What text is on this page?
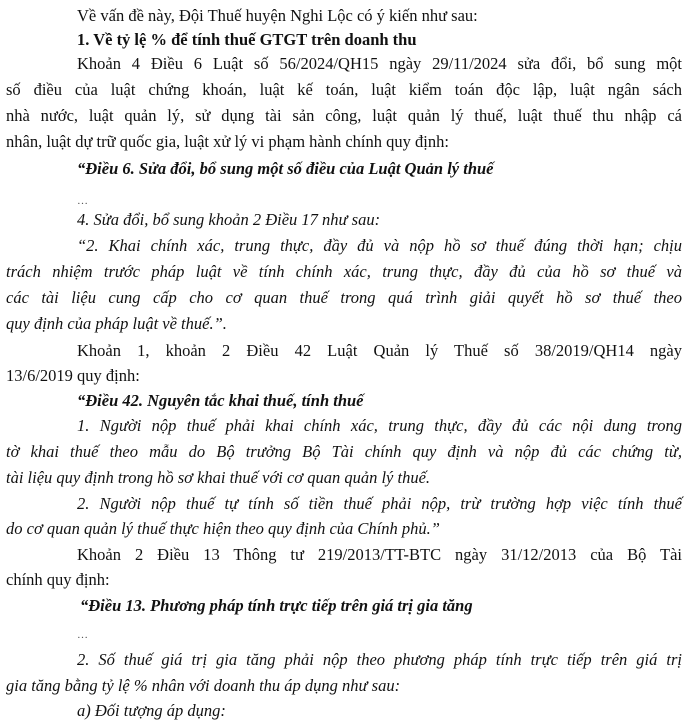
Về vấn đề này, Đội Thuế huyện Nghi Lộc có ý kiến như sau:

1. Về tỷ lệ % để tính thuế GTGT trên doanh thu

Khoản 4 Điều 6 Luật số 56/2024/QH15 ngày 29/11/2024 sửa đổi, bổ sung một

số điều của luật chứng khoán, luật kế toán, luật kiểm toán độc lập, luật ngân sách

nhà nước, luật quản lý, sử dụng tài sản công, luật quản lý thuế, luật thuế thu nhập cá

nhân, luật dự trữ quốc gia, luật xử lý vi phạm hành chính quy định:

“Điều 6. Sửa đổi, bổ sung một số điều của Luật Quản lý thuế

…

4. Sửa đổi, bổ sung khoản 2 Điều 17 như sau:

“2. Khai chính xác, trung thực, đầy đủ và nộp hồ sơ thuế đúng thời hạn; chịu

trách nhiệm trước pháp luật về tính chính xác, trung thực, đầy đủ của hồ sơ thuế và

các tài liệu cung cấp cho cơ quan thuế trong quá trình giải quyết hồ sơ thuế theo

quy định của pháp luật về thuế.”.

Khoản 1, khoản 2 Điều 42 Luật Quản lý Thuế số 38/2019/QH14 ngày

13/6/2019 quy định:

“Điều 42. Nguyên tắc khai thuế, tính thuế

1. Người nộp thuế phải khai chính xác, trung thực, đầy đủ các nội dung trong

tờ khai thuế theo mẫu do Bộ trưởng Bộ Tài chính quy định và nộp đủ các chứng từ,

tài liệu quy định trong hồ sơ khai thuế với cơ quan quản lý thuế.

2. Người nộp thuế tự tính số tiền thuế phải nộp, trừ trường hợp việc tính thuế

do cơ quan quản lý thuế thực hiện theo quy định của Chính phủ.”

Khoản 2 Điều 13 Thông tư 219/2013/TT-BTC ngày 31/12/2013 của Bộ Tài

chính quy định:

“Điều 13. Phương pháp tính trực tiếp trên giá trị gia tăng

…

2. Số thuế giá trị gia tăng phải nộp theo phương pháp tính trực tiếp trên giá trị

gia tăng bằng tỷ lệ % nhân với doanh thu áp dụng như sau:

a) Đối tượng áp dụng:
